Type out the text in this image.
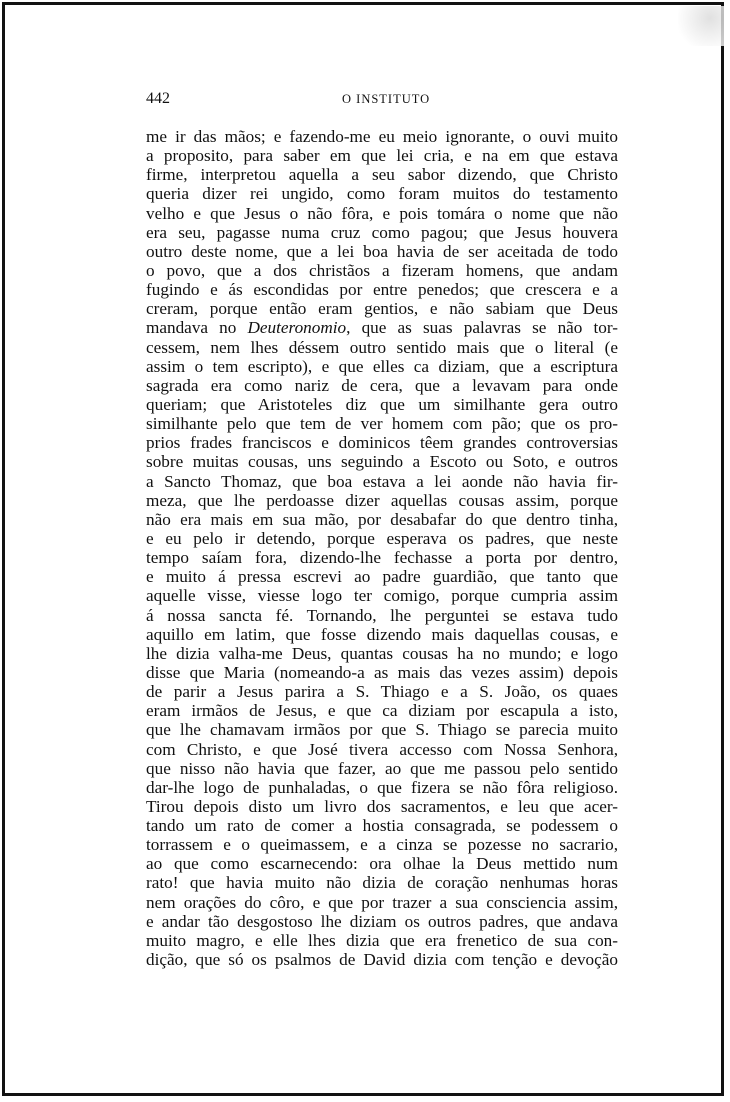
442	O INSTITUTO
me ir das mãos; e fazendo-me eu meio ignorante, o ouvi muito
a proposito, para saber em que lei cria, e na em que estava
firme, interpretou aquella a seu sabor dizendo, que Christo
queria dizer rei ungido, como foram muitos do testamento
velho e que Jesus o não fôra, e pois tomára o nome que não
era seu, pagasse numa cruz como pagou; que Jesus houvera
outro deste nome, que a lei boa havia de ser aceitada de todo
o povo, que a dos christãos a fizeram homens, que andam
fugindo e ás escondidas por entre penedos; que crescera e a
creram, porque então eram gentios, e não sabiam que Deus
mandava no Deuteronomio, que as suas palavras se não tor-
cessem, nem lhes déssem outro sentido mais que o literal (e
assim o tem escripto), e que elles ca diziam, que a escriptura
sagrada era como nariz de cera, que a levavam para onde
queriam; que Aristoteles diz que um similhante gera outro
similhante pelo que tem de ver homem com pão; que os pro-
prios frades franciscos e dominicos têem grandes controversias
sobre muitas cousas, uns seguindo a Escoto ou Soto, e outros
a Sancto Thomaz, que boa estava a lei aonde não havia fir-
meza, que lhe perdoasse dizer aquellas cousas assim, porque
não era mais em sua mão, por desabafar do que dentro tinha,
e eu pelo ir detendo, porque esperava os padres, que neste
tempo saíam fora, dizendo-lhe fechasse a porta por dentro,
e muito á pressa escrevi ao padre guardião, que tanto que
aquelle visse, viesse logo ter comigo, porque cumpria assim
á nossa sancta fé. Tornando, lhe perguntei se estava tudo
aquillo em latim, que fosse dizendo mais daquellas cousas, e
lhe dizia valha-me Deus, quantas cousas ha no mundo; e logo
disse que Maria (nomeando-a as mais das vezes assim) depois
de parir a Jesus parira a S. Thiago e a S. João, os quaes
eram irmãos de Jesus, e que ca diziam por escapula a isto,
que lhe chamavam irmãos por que S. Thiago se parecia muito
com Christo, e que José tivera accesso com Nossa Senhora,
que nisso não havia que fazer, ao que me passou pelo sentido
dar-lhe logo de punhaladas, o que fizera se não fôra religioso.
Tirou depois disto um livro dos sacramentos, e leu que acer-
tando um rato de comer a hostia consagrada, se podessem o
torrassem e o queimassem, e a cinza se pozesse no sacrario,
ao que como escarnecendo: ora olhae la Deus mettido num
rato! que havia muito não dizia de coração nenhumas horas
nem orações do côro, e que por trazer a sua consciencia assim,
e andar tão desgostoso lhe diziam os outros padres, que andava
muito magro, e elle lhes dizia que era frenetico de sua con-
dição, que só os psalmos de David dizia com tenção e devoção
